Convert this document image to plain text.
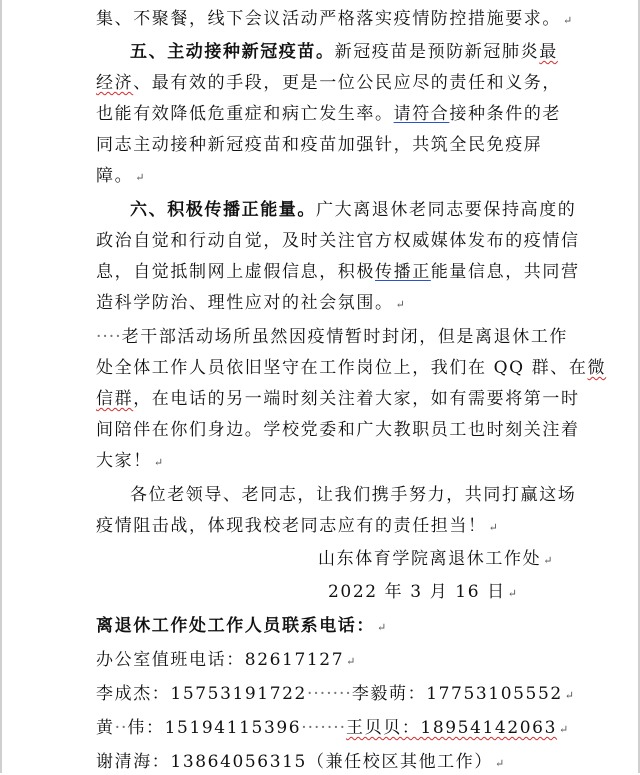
集、不聚餐，线下会议活动严格落实疫情防控措施要求。 ↵
五、主动接种新冠疫苗。新冠疫苗是预防新冠肺炎最
经济、最有效的手段，更是一位公民应尽的责任和义务，
也能有效降低危重症和病亡发生率。请符合接种条件的老
同志主动接种新冠疫苗和疫苗加强针，共筑全民免疫屏
障。 ↵
六、积极传播正能量。广大离退休老同志要保持高度的
政治自觉和行动自觉，及时关注官方权威媒体发布的疫情信
息，自觉抵制网上虚假信息，积极传播正能量信息，共同营
造科学防治、理性应对的社会氛围。 ↵
····老干部活动场所虽然因疫情暂时封闭，但是离退休工作
处全体工作人员依旧坚守在工作岗位上，我们在 QQ 群、在微
信群，在电话的另一端时刻关注着大家，如有需要将第一时
间陪伴在你们身边。学校党委和广大教职员工也时刻关注着
大家！ ↵
各位老领导、老同志，让我们携手努力，共同打赢这场
疫情阻击战，体现我校老同志应有的责任担当！ ↵
山东体育学院离退休工作处 ↵
2022 年 3 月 16 日 ↵
离退休工作处工作人员联系电话： ↵
办公室值班电话：82617127 ↵
李成杰：15753191722·······李毅萌：17753105552 ↵
黄··伟：15194115396·······王贝贝：18954142063 ↵
谢清海：13864056315（兼任校区其他工作） ↵
